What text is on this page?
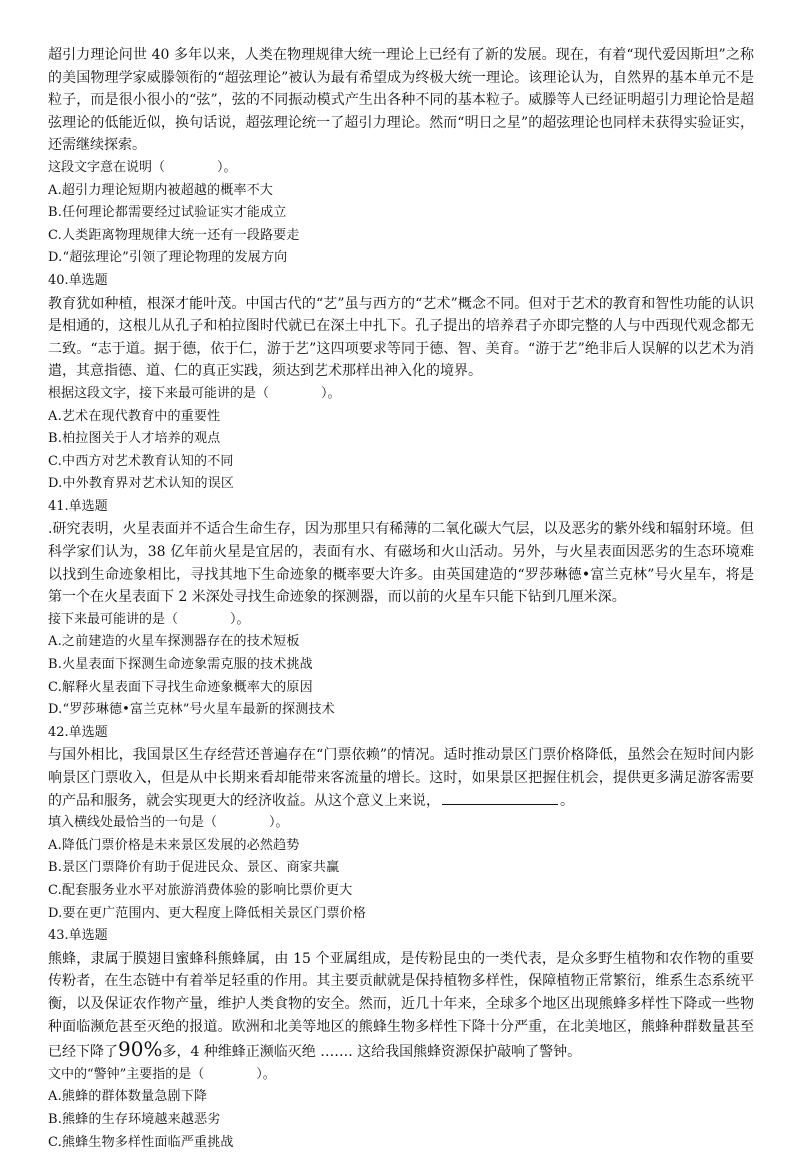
超引力理论问世 40 多年以来，人类在物理规律大统一理论上已经有了新的发展。现在，有着“现代爱因斯坦”之称的美国物理学家威滕领衔的“超弦理论”被认为最有希望成为终极大统一理论。该理论认为，自然界的基本单元不是粒子，而是很小很小的“弦”，弦的不同振动模式产生出各种不同的基本粒子。威滕等人已经证明超引力理论恰是超弦理论的低能近似，换句话说，超弦理论统一了超引力理论。然而“明日之星”的超弦理论也同样未获得实验证实，还需继续探索。

这段文字意在说明（　　　　）。

A.超引力理论短期内被超越的概率不大

B.任何理论都需要经过试验证实才能成立

C.人类距离物理规律大统一还有一段路要走

D.“超弦理论”引领了理论物理的发展方向

40.单选题

教育犹如种植，根深才能叶茂。中国古代的“艺”虽与西方的“艺术”概念不同。但对于艺术的教育和智性功能的认识是相通的，这根儿从孔子和柏拉图时代就已在深土中扎下。孔子提出的培养君子亦即完整的人与中西现代观念都无二致。“志于道。据于德，依于仁，游于艺”这四项要求等同于德、智、美育。“游于艺”绝非后人误解的以艺术为消遣，其意指德、道、仁的真正实践，须达到艺术那样出神入化的境界。

根据这段文字，接下来最可能讲的是（　　　　）。

A.艺术在现代教育中的重要性

B.柏拉图关于人才培养的观点

C.中西方对艺术教育认知的不同

D.中外教育界对艺术认知的误区

41.单选题

.研究表明，火星表面并不适合生命生存，因为那里只有稀薄的二氧化碳大气层，以及恶劣的紫外线和辐射环境。但科学家们认为，38 亿年前火星是宜居的，表面有水、有磁场和火山活动。另外，与火星表面因恶劣的生态环境难以找到生命迹象相比，寻找其地下生命迹象的概率要大许多。由英国建造的“罗莎琳德•富兰克林”号火星车，将是第一个在火星表面下 2 米深处寻找生命迹象的探测器，而以前的火星车只能下钻到几厘米深。

接下来最可能讲的是（　　　　）。

A.之前建造的火星车探测器存在的技术短板

B.火星表面下探测生命迹象需克服的技术挑战

C.解释火星表面下寻找生命迹象概率大的原因

D.“罗莎琳德•富兰克林”号火星车最新的探测技术

42.单选题

与国外相比，我国景区生存经营还普遍存在“门票依赖”的情况。适时推动景区门票价格降低，虽然会在短时间内影响景区门票收入，但是从中长期来看却能带来客流量的增长。这时，如果景区把握住机会，提供更多满足游客需要的产品和服务，就会实现更大的经济收益。从这个意义上来说，	。

填入横线处最恰当的一句是（　　　　）。

A.降低门票价格是未来景区发展的必然趋势

B.景区门票降价有助于促进民众、景区、商家共赢

C.配套服务业水平对旅游消费体验的影响比票价更大

D.要在更广范围内、更大程度上降低相关景区门票价格

43.单选题

熊蜂，隶属于膜翅目蜜蜂科熊蜂属，由 15 个亚属组成，是传粉昆虫的一类代表，是众多野生植物和农作物的重要传粉者，在生态链中有着举足轻重的作用。其主要贡献就是保持植物多样性，保障植物正常繁衍，维系生态系统平衡，以及保证农作物产量，维护人类食物的安全。然而，近几十年来，全球多个地区出现熊蜂多样性下降或一些物种面临濒危甚至灭绝的报道。欧洲和北美等地区的熊蜂生物多样性下降十分严重，在北美地区，熊蜂种群数量甚至已经下降了90%多，4 种维蜂正濒临灭绝 ……. 这给我国熊蜂资源保护敲响了警钟。

文中的“警钟”主要指的是（　　　　）。

A.熊蜂的群体数量急剧下降

B.熊蜂的生存环境越来越恶劣

C.熊蜂生物多样性面临严重挑战
